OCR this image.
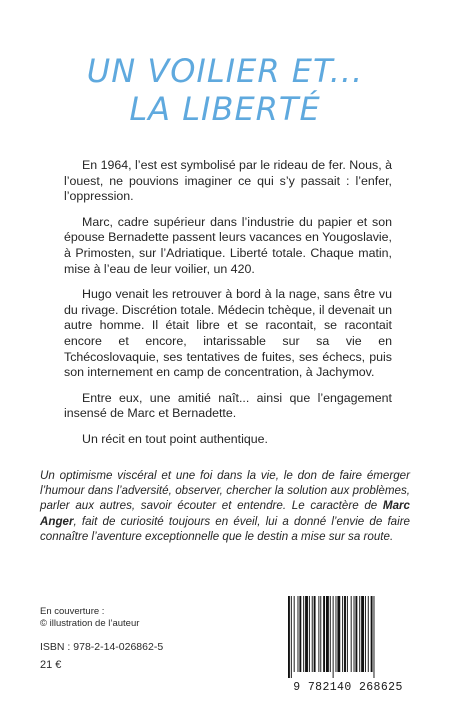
UN VOILIER ET...
LA LIBERTÉ

En 1964, l’est est symbolisé par le rideau de fer. Nous, à l’ouest, ne pouvions imaginer ce qui s’y passait : l’enfer, l’oppression.

Marc, cadre supérieur dans l’industrie du papier et son épouse Bernadette passent leurs vacances en Yougoslavie, à Primosten, sur l’Adriatique. Liberté totale. Chaque matin, mise à l’eau de leur voilier, un 420.

Hugo venait les retrouver à bord à la nage, sans être vu du rivage. Discrétion totale. Médecin tchèque, il devenait un autre homme. Il était libre et se racontait, se racontait encore et encore, intarissable sur sa vie en Tchécoslovaquie, ses tentatives de fuites, ses échecs, puis son internement en camp de concentration, à Jachymov.

Entre eux, une amitié naît... ainsi que l’engagement insensé de Marc et Bernadette.

Un récit en tout point authentique.

Un optimisme viscéral et une foi dans la vie, le don de faire émerger l’humour dans l’adversité, observer, chercher la solution aux problèmes, parler aux autres, savoir écouter et entendre. Le caractère de Marc Anger, fait de curiosité toujours en éveil, lui a donné l’envie de faire connaître l’aventure exceptionnelle que le destin a mise sur sa route.
En couverture :
© illustration de l’auteur
ISBN : 978-2-14-026862-5
21 €
9 782140 268625
